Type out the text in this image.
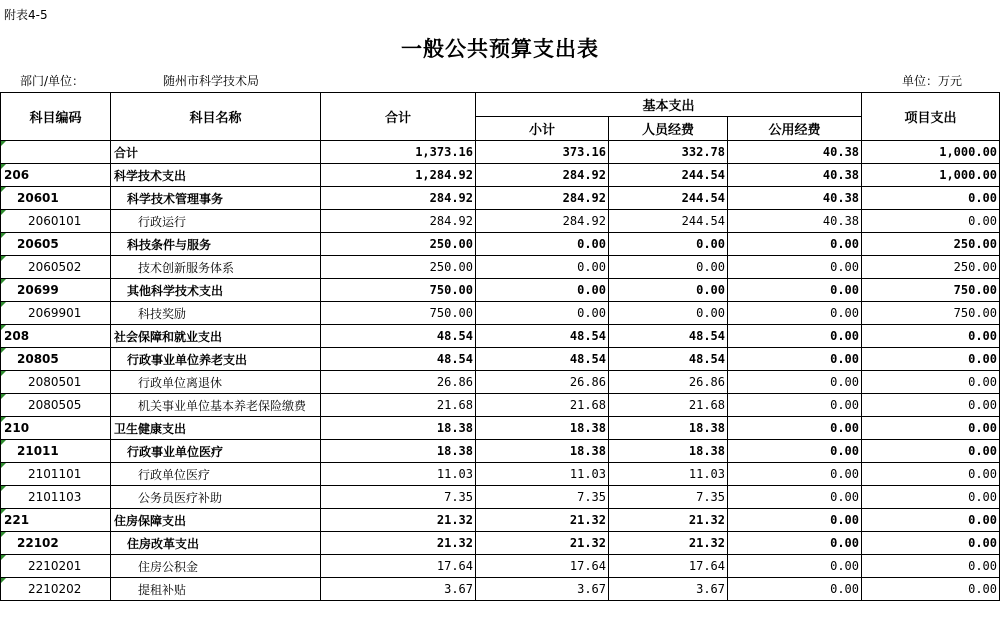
附表4-5
一般公共预算支出表
部门/单位：	随州市科学技术局	单位：万元
科目编码	科目名称	合计	基本支出			项目支出
			小计	人员经费	公用经费	
	合计	1,373.16	373.16	332.78	40.38	1,000.00
206	科学技术支出	1,284.92	284.92	244.54	40.38	1,000.00
20601	科学技术管理事务	284.92	284.92	244.54	40.38	0.00
2060101	行政运行	284.92	284.92	244.54	40.38	0.00
20605	科技条件与服务	250.00	0.00	0.00	0.00	250.00
2060502	技术创新服务体系	250.00	0.00	0.00	0.00	250.00
20699	其他科学技术支出	750.00	0.00	0.00	0.00	750.00
2069901	科技奖励	750.00	0.00	0.00	0.00	750.00
208	社会保障和就业支出	48.54	48.54	48.54	0.00	0.00
20805	行政事业单位养老支出	48.54	48.54	48.54	0.00	0.00
2080501	行政单位离退休	26.86	26.86	26.86	0.00	0.00
2080505	机关事业单位基本养老保险缴费	21.68	21.68	21.68	0.00	0.00
210	卫生健康支出	18.38	18.38	18.38	0.00	0.00
21011	行政事业单位医疗	18.38	18.38	18.38	0.00	0.00
2101101	行政单位医疗	11.03	11.03	11.03	0.00	0.00
2101103	公务员医疗补助	7.35	7.35	7.35	0.00	0.00
221	住房保障支出	21.32	21.32	21.32	0.00	0.00
22102	住房改革支出	21.32	21.32	21.32	0.00	0.00
2210201	住房公积金	17.64	17.64	17.64	0.00	0.00
2210202	提租补贴	3.67	3.67	3.67	0.00	0.00
